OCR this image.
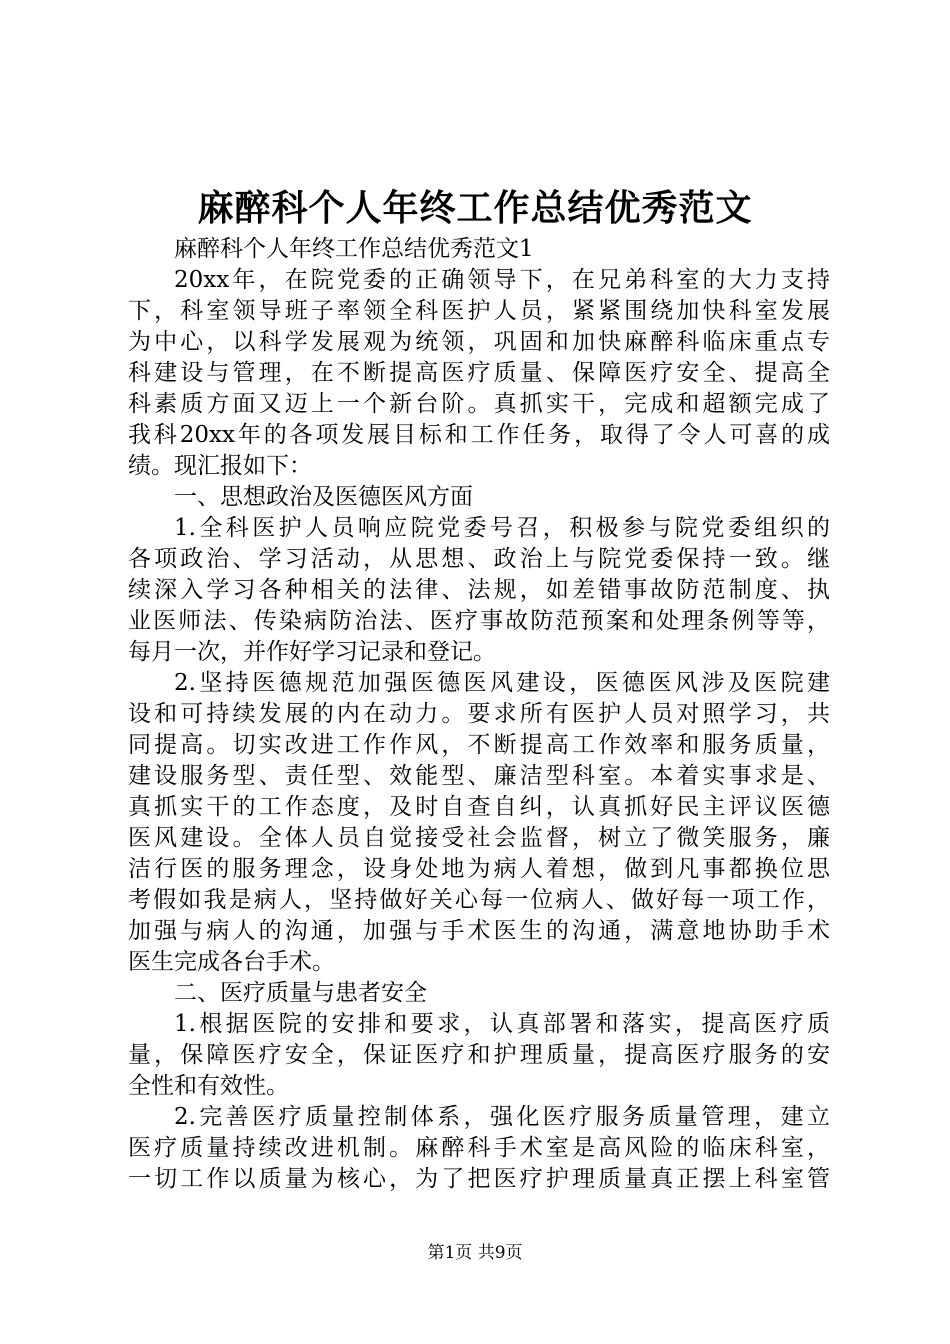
麻醉科个人年终工作总结优秀范文
麻醉科个人年终工作总结优秀范文1
20xx年，在院党委的正确领导下，在兄弟科室的大力支持
下，科室领导班子率领全科医护人员，紧紧围绕加快科室发展
为中心，以科学发展观为统领，巩固和加快麻醉科临床重点专
科建设与管理，在不断提高医疗质量、保障医疗安全、提高全
科素质方面又迈上一个新台阶。真抓实干，完成和超额完成了
我科20xx年的各项发展目标和工作任务，取得了令人可喜的成
绩。现汇报如下：
一、思想政治及医德医风方面
1.全科医护人员响应院党委号召，积极参与院党委组织的
各项政治、学习活动，从思想、政治上与院党委保持一致。继
续深入学习各种相关的法律、法规，如差错事故防范制度、执
业医师法、传染病防治法、医疗事故防范预案和处理条例等等，
每月一次，并作好学习记录和登记。
2.坚持医德规范加强医德医风建设，医德医风涉及医院建
设和可持续发展的内在动力。要求所有医护人员对照学习，共
同提高。切实改进工作作风，不断提高工作效率和服务质量，
建设服务型、责任型、效能型、廉洁型科室。本着实事求是、
真抓实干的工作态度，及时自查自纠，认真抓好民主评议医德
医风建设。全体人员自觉接受社会监督，树立了微笑服务，廉
洁行医的服务理念，设身处地为病人着想，做到凡事都换位思
考假如我是病人，坚持做好关心每一位病人、做好每一项工作，
加强与病人的沟通，加强与手术医生的沟通，满意地协助手术
医生完成各台手术。
二、医疗质量与患者安全
1.根据医院的安排和要求，认真部署和落实，提高医疗质
量，保障医疗安全，保证医疗和护理质量，提高医疗服务的安
全性和有效性。
2.完善医疗质量控制体系，强化医疗服务质量管理，建立
医疗质量持续改进机制。麻醉科手术室是高风险的临床科室，
一切工作以质量为核心，为了把医疗护理质量真正摆上科室管
第1页 共9页
